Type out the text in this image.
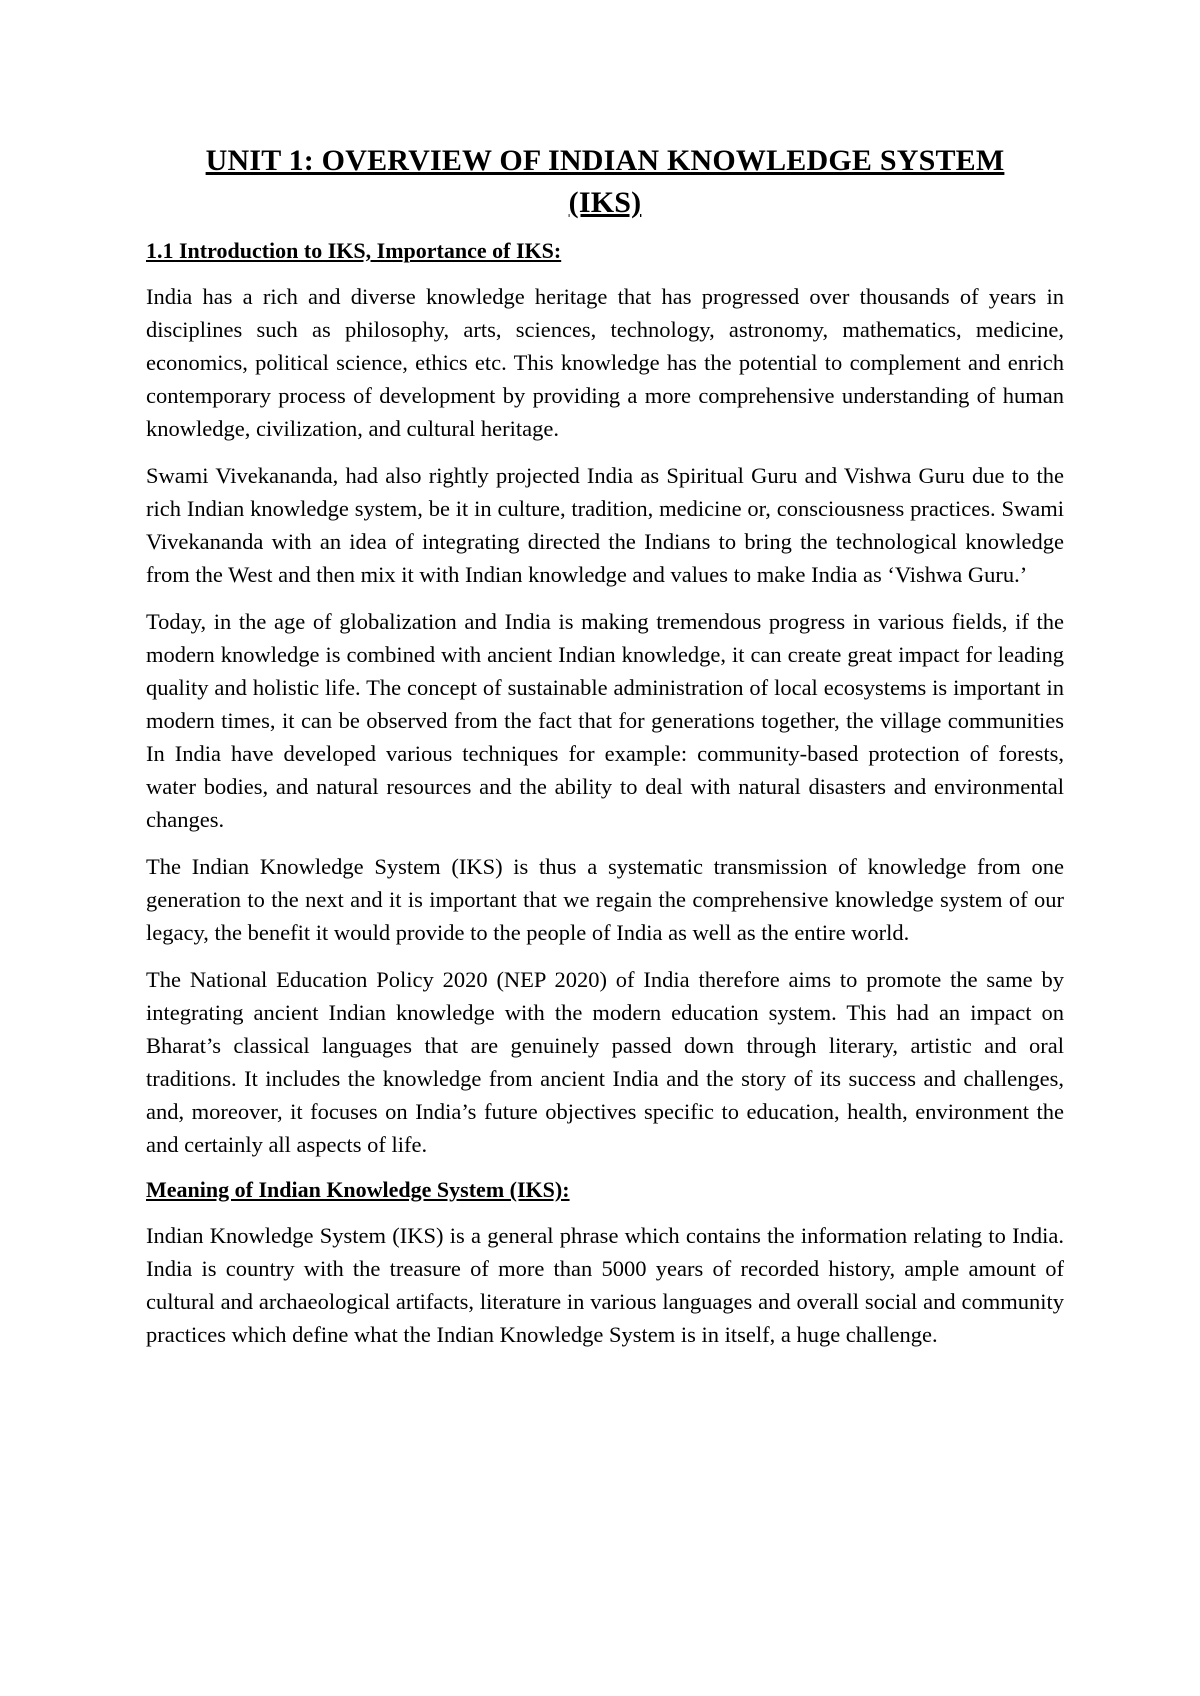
UNIT 1: OVERVIEW OF INDIAN KNOWLEDGE SYSTEM
(IKS)
1.1 Introduction to IKS, Importance of IKS:

India has a rich and diverse knowledge heritage that has progressed over thousands of years in disciplines such as philosophy, arts, sciences, technology, astronomy, mathematics, medicine, economics, political science, ethics etc. This knowledge has the potential to complement and enrich contemporary process of development by providing a more comprehensive understanding of human knowledge, civilization, and cultural heritage.

Swami Vivekananda, had also rightly projected India as Spiritual Guru and Vishwa Guru due to the rich Indian knowledge system, be it in culture, tradition, medicine or, consciousness practices. Swami Vivekananda with an idea of integrating directed the Indians to bring the technological knowledge from the West and then mix it with Indian knowledge and values to make India as ‘Vishwa Guru.’

Today, in the age of globalization and India is making tremendous progress in various fields, if the modern knowledge is combined with ancient Indian knowledge, it can create great impact for leading quality and holistic life. The concept of sustainable administration of local ecosystems is important in modern times, it can be observed from the fact that for generations together, the village communities In India have developed various techniques for example: community-based protection of forests, water bodies, and natural resources and the ability to deal with natural disasters and environmental changes.

The Indian Knowledge System (IKS) is thus a systematic transmission of knowledge from one generation to the next and it is important that we regain the comprehensive knowledge system of our legacy, the benefit it would provide to the people of India as well as the entire world.

The National Education Policy 2020 (NEP 2020) of India therefore aims to promote the same by integrating ancient Indian knowledge with the modern education system. This had an impact on Bharat’s classical languages that are genuinely passed down through literary, artistic and oral traditions. It includes the knowledge from ancient India and the story of its success and challenges, and, moreover, it focuses on India’s future objectives specific to education, health, environment the and certainly all aspects of life.

Meaning of Indian Knowledge System (IKS):

Indian Knowledge System (IKS) is a general phrase which contains the information relating to India. India is country with the treasure of more than 5000 years of recorded history, ample amount of cultural and archaeological artifacts, literature in various languages and overall social and community practices which define what the Indian Knowledge System is in itself, a huge challenge.
